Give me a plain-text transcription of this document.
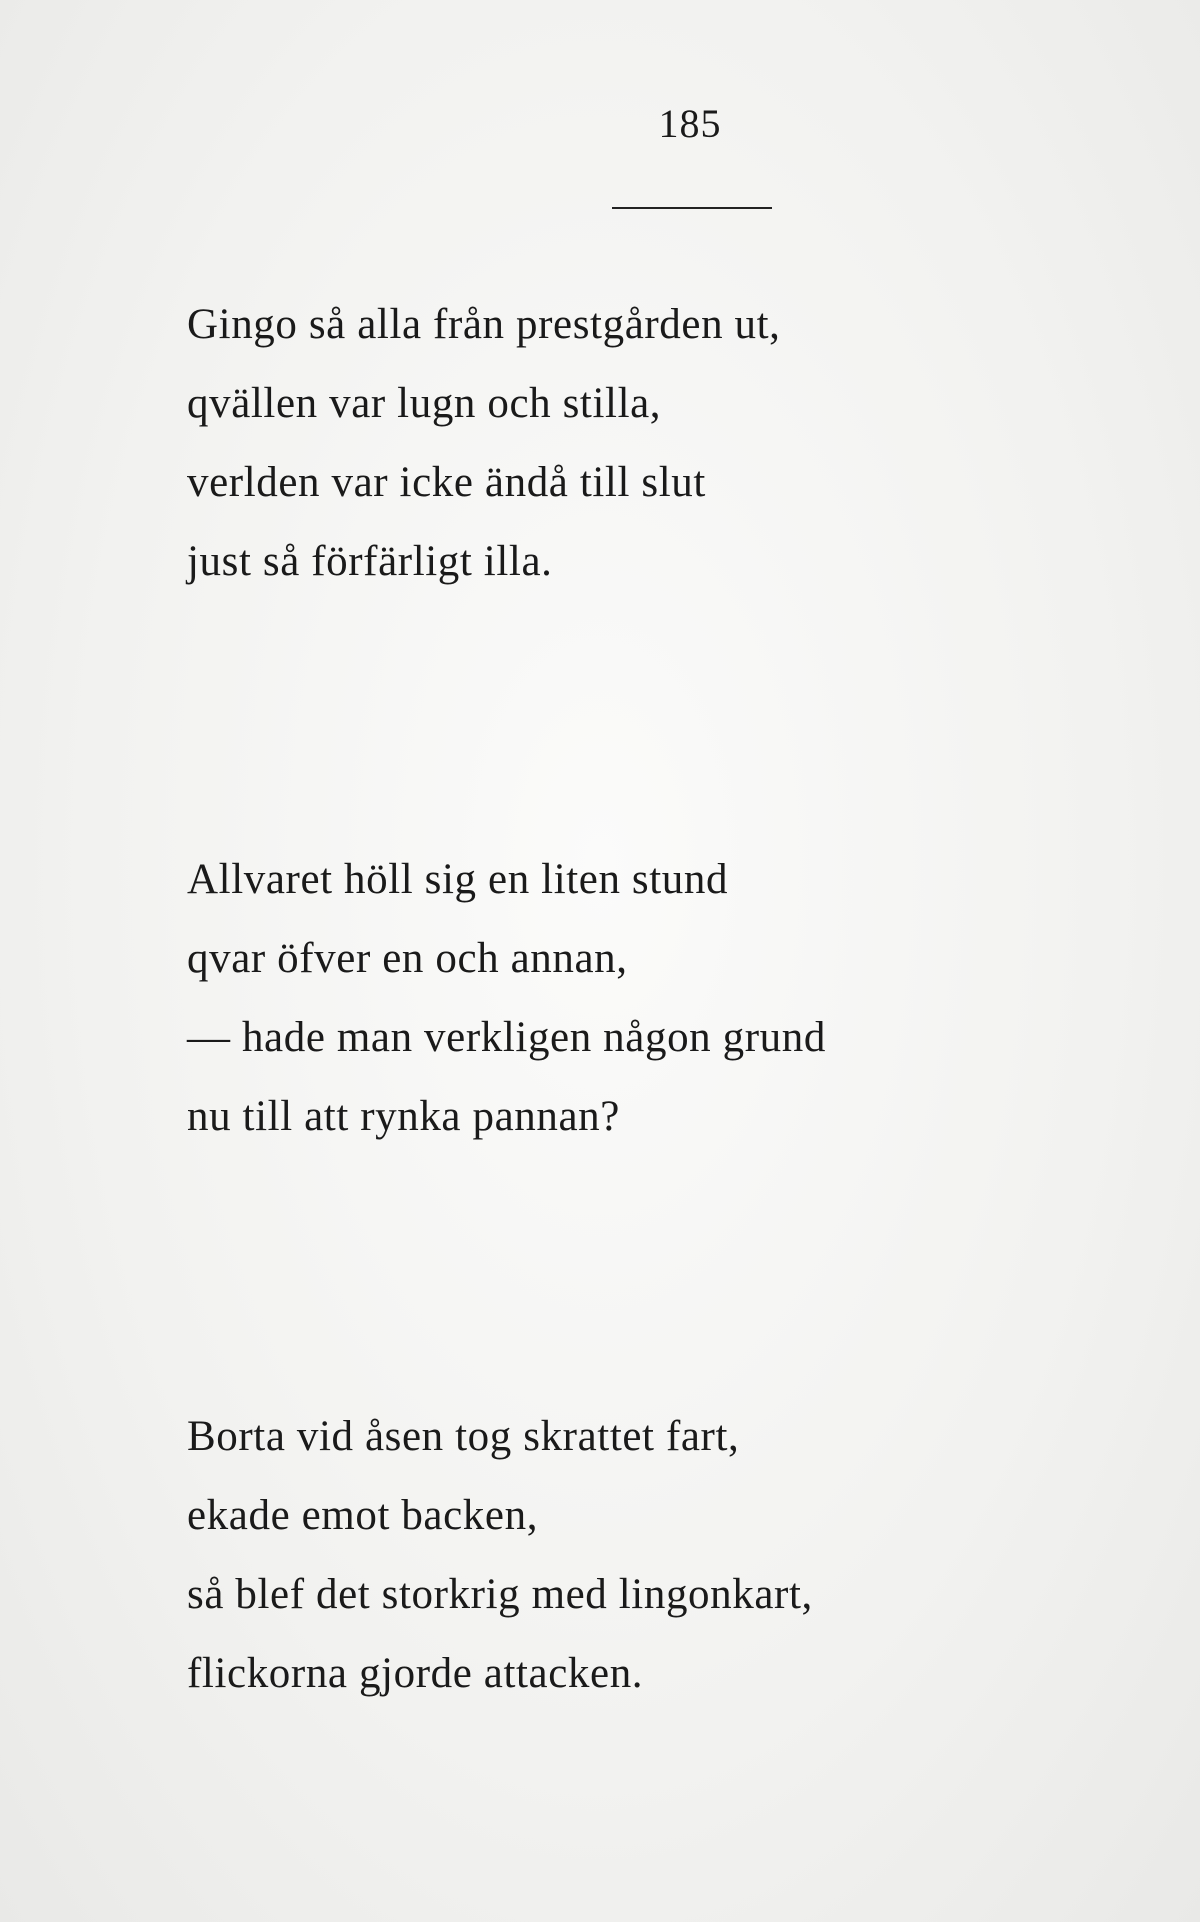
185
Gingo så alla från prestgården ut,
qvällen var lugn och stilla,
verlden var icke ändå till slut
just så förfärligt illa.
Allvaret höll sig en liten stund
qvar öfver en och annan,
— hade man verkligen någon grund
nu till att rynka pannan?
Borta vid åsen tog skrattet fart,
ekade emot backen,
så blef det storkrig med lingonkart,
flickorna gjorde attacken.
